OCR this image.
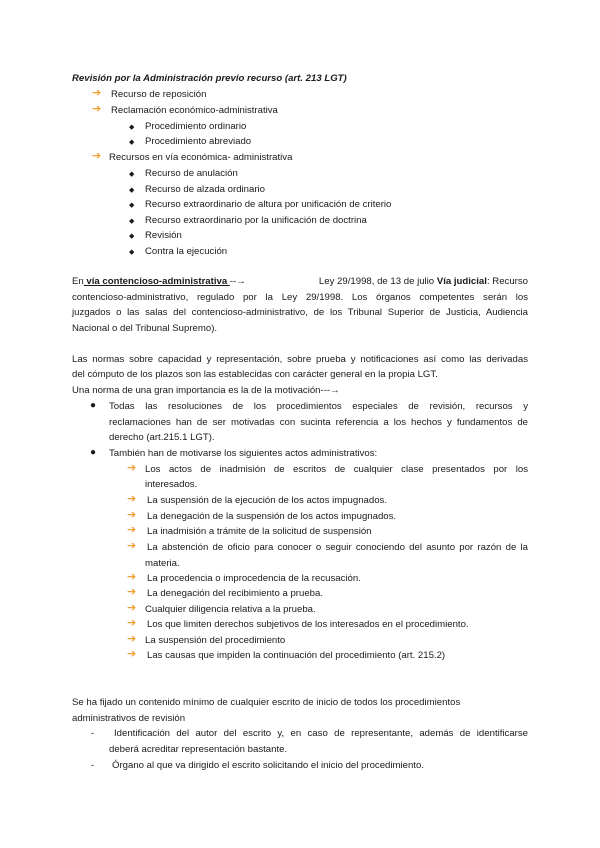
Revisión por la Administración previo recurso (art. 213 LGT)
➔ Recurso de reposición
➔ Reclamación económico-administrativa
◆ Procedimiento ordinario
◆ Procedimiento abreviado
➔ Recursos en vía económica- administrativa
◆ Recurso de anulación
◆ Recurso de alzada ordinario
◆ Recurso extraordinario de altura por unificación de criterio
◆ Recurso extraordinario por la unificación de doctrina
◆ Revisión
◆ Contra la ejecución
En vía contencioso-administrativa --→	Ley 29/1998, de 13 de julio Vía judicial: Recurso
contencioso-administrativo, regulado por la Ley 29/1998. Los órganos competentes serán los
juzgados o las salas del contencioso-administrativo, de los Tribunal Superior de Justicia, Audiencia
Nacional o del Tribunal Supremo).
Las normas sobre capacidad y representación, sobre prueba y notificaciones así como las derivadas
del cómputo de los plazos son las establecidas con carácter general en la propia LGT.
Una norma de una gran importancia es la de la motivación---→
● Todas las resoluciones de los procedimientos especiales de revisión, recursos y
reclamaciones han de ser motivadas con sucinta referencia a los hechos y fundamentos de
derecho (art.215.1 LGT).
● También han de motivarse los siguientes actos administrativos:
➔ Los actos de inadmisión de escritos de cualquier clase presentados por los
interesados.
➔ La suspensión de la ejecución de los actos impugnados.
➔ La denegación de la suspensión de los actos impugnados.
➔ La inadmisión a trámite de la solicitud de suspensión
➔ La abstención de oficio para conocer o seguir conociendo del asunto por razón de la
materia.
➔ La procedencia o improcedencia de la recusación.
➔ La denegación del recibimiento a prueba.
➔ Cualquier diligencia relativa a la prueba.
➔ Los que limiten derechos subjetivos de los interesados en el procedimiento.
➔ La suspensión del procedimiento
➔ Las causas que impiden la continuación del procedimiento (art. 215.2)
Se ha fijado un contenido mínimo de cualquier escrito de inicio de todos los procedimientos
administrativos de revisión
- Identificación del autor del escrito y, en caso de representante, además de identificarse
deberá acreditar representación bastante.
- Órgano al que va dirigido el escrito solicitando el inicio del procedimiento.
